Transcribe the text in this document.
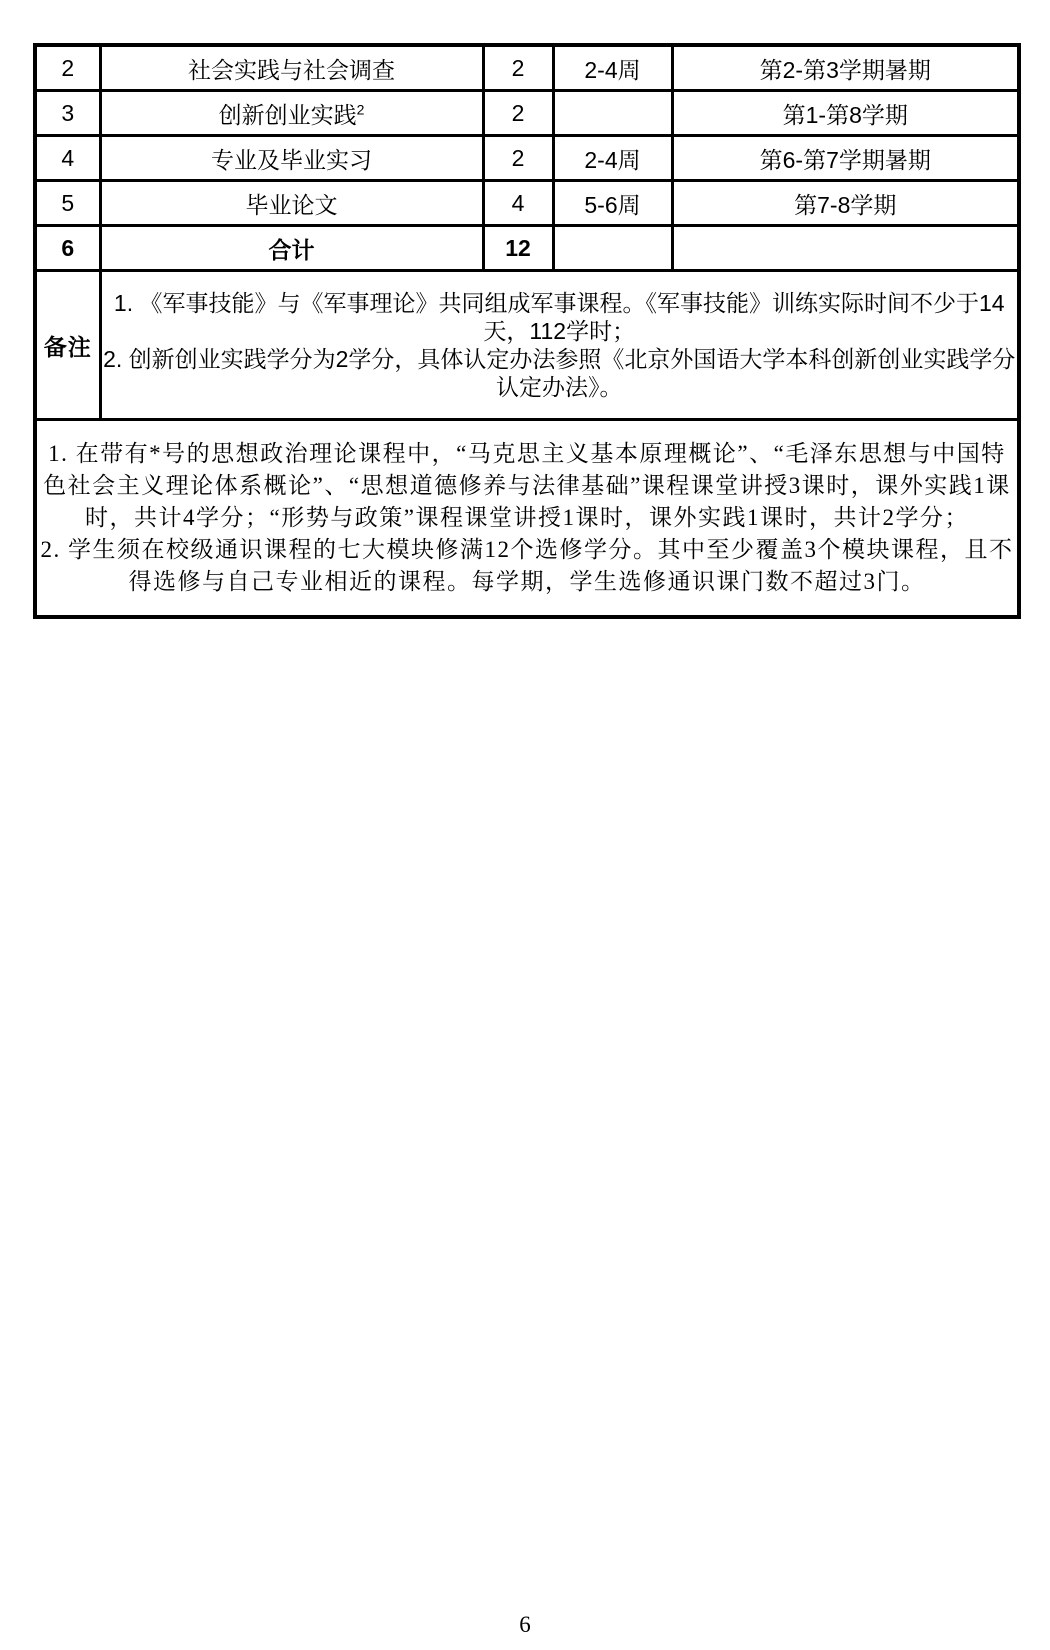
2	社会实践与社会调查	2	2-4周	第2-第3学期暑期
3	创新创业实践$^2$	2		第1-第8学期
4	专业及毕业实习	2	2-4周	第6-第7学期暑期
5	毕业论文	4	5-6周	第7-8学期
6	合计	12		
备注	1. 《军事技能》与《军事理论》共同组成军事课程。《军事技能》训练实际时间不少于14天，112学时；
2. 创新创业实践学分为2学分，具体认定办法参照《北京外国语大学本科创新创业实践学分认定办法》。			

1. 在带有*号的思想政治理论课程中，“马克思主义基本原理概论”、“毛泽东思想与中国特色社会主义理论体系概论”、“思想道德修养与法律基础”课程课堂讲授3课时，课外实践1课时，共计4学分；“形势与政策”课程课堂讲授1课时，课外实践1课时，共计2学分；
2. 学生须在校级通识课程的七大模块修满12个选修学分。其中至少覆盖3个模块课程，且不得选修与自己专业相近的课程。每学期，学生选修通识课门数不超过3门。				
6
